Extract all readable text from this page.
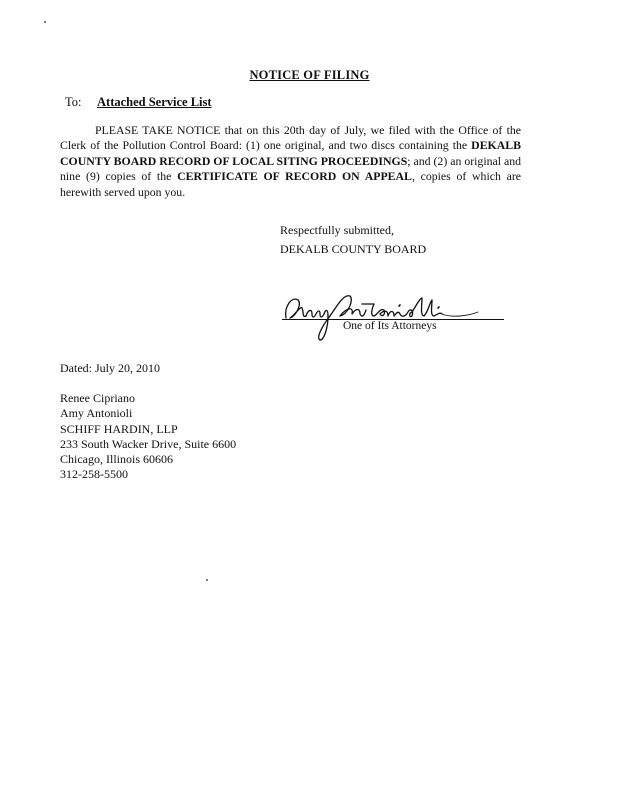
NOTICE OF FILING
To: Attached Service List
PLEASE TAKE NOTICE that on this 20th day of July, we filed with the Office of the Clerk of the Pollution Control Board: (1) one original, and two discs containing the DEKALB COUNTY BOARD RECORD OF LOCAL SITING PROCEEDINGS; and (2) an original and nine (9) copies of the CERTIFICATE OF RECORD ON APPEAL, copies of which are herewith served upon you.
Respectfully submitted,
DEKALB COUNTY BOARD
One of Its Attorneys
Dated: July 20, 2010
Renee Cipriano
Amy Antonioli
SCHIFF HARDIN, LLP
233 South Wacker Drive, Suite 6600
Chicago, Illinois 60606
312-258-5500
